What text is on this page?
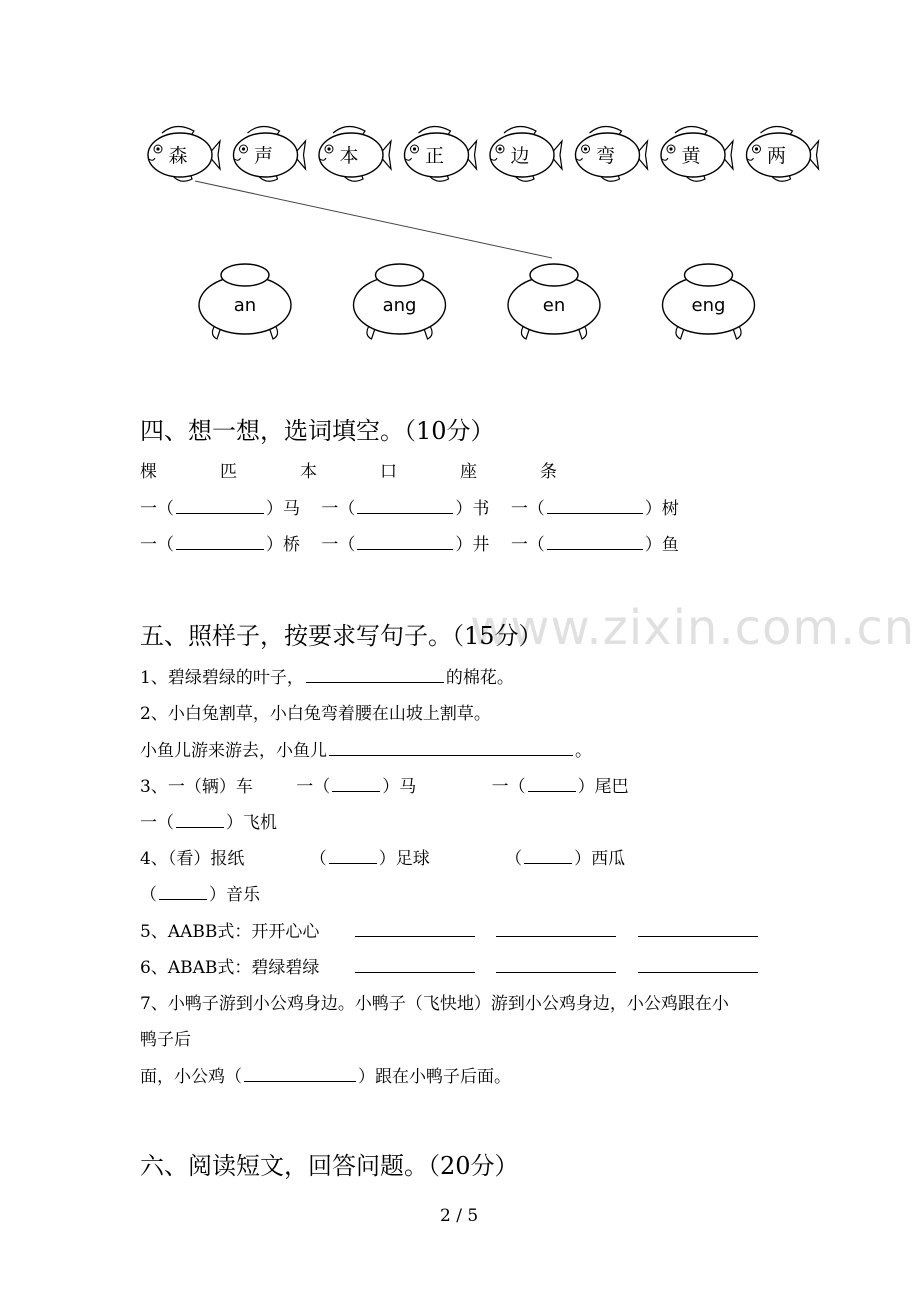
森	声	本	正	边	弯	黄	两
an	ang	en	eng
四、想一想，选词填空。（10分）
棵	匹	本	口	座	条
一（	）马 一（	）书 一（	）树
一（	）桥 一（	）井 一（	）鱼
www.zixin.com.cn
五、照样子，按要求写句子。（15分）
1、碧绿碧绿的叶子，	的棉花。
2、小白兔割草，小白兔弯着腰在山坡上割草。
小鱼儿游来游去，小鱼儿	。
3、一（辆）车	一（	）马	一（	）尾巴
一（	）飞机
4、（看）报纸	（	）足球	（	）西瓜
（	）音乐
5、AABB式：开开心心
6、ABAB式：碧绿碧绿
7、小鸭子游到小公鸡身边。小鸭子（飞快地）游到小公鸡身边，小公鸡跟在小
鸭子后
面，小公鸡（	）跟在小鸭子后面。
六、阅读短文，回答问题。（20分）
2 / 5
